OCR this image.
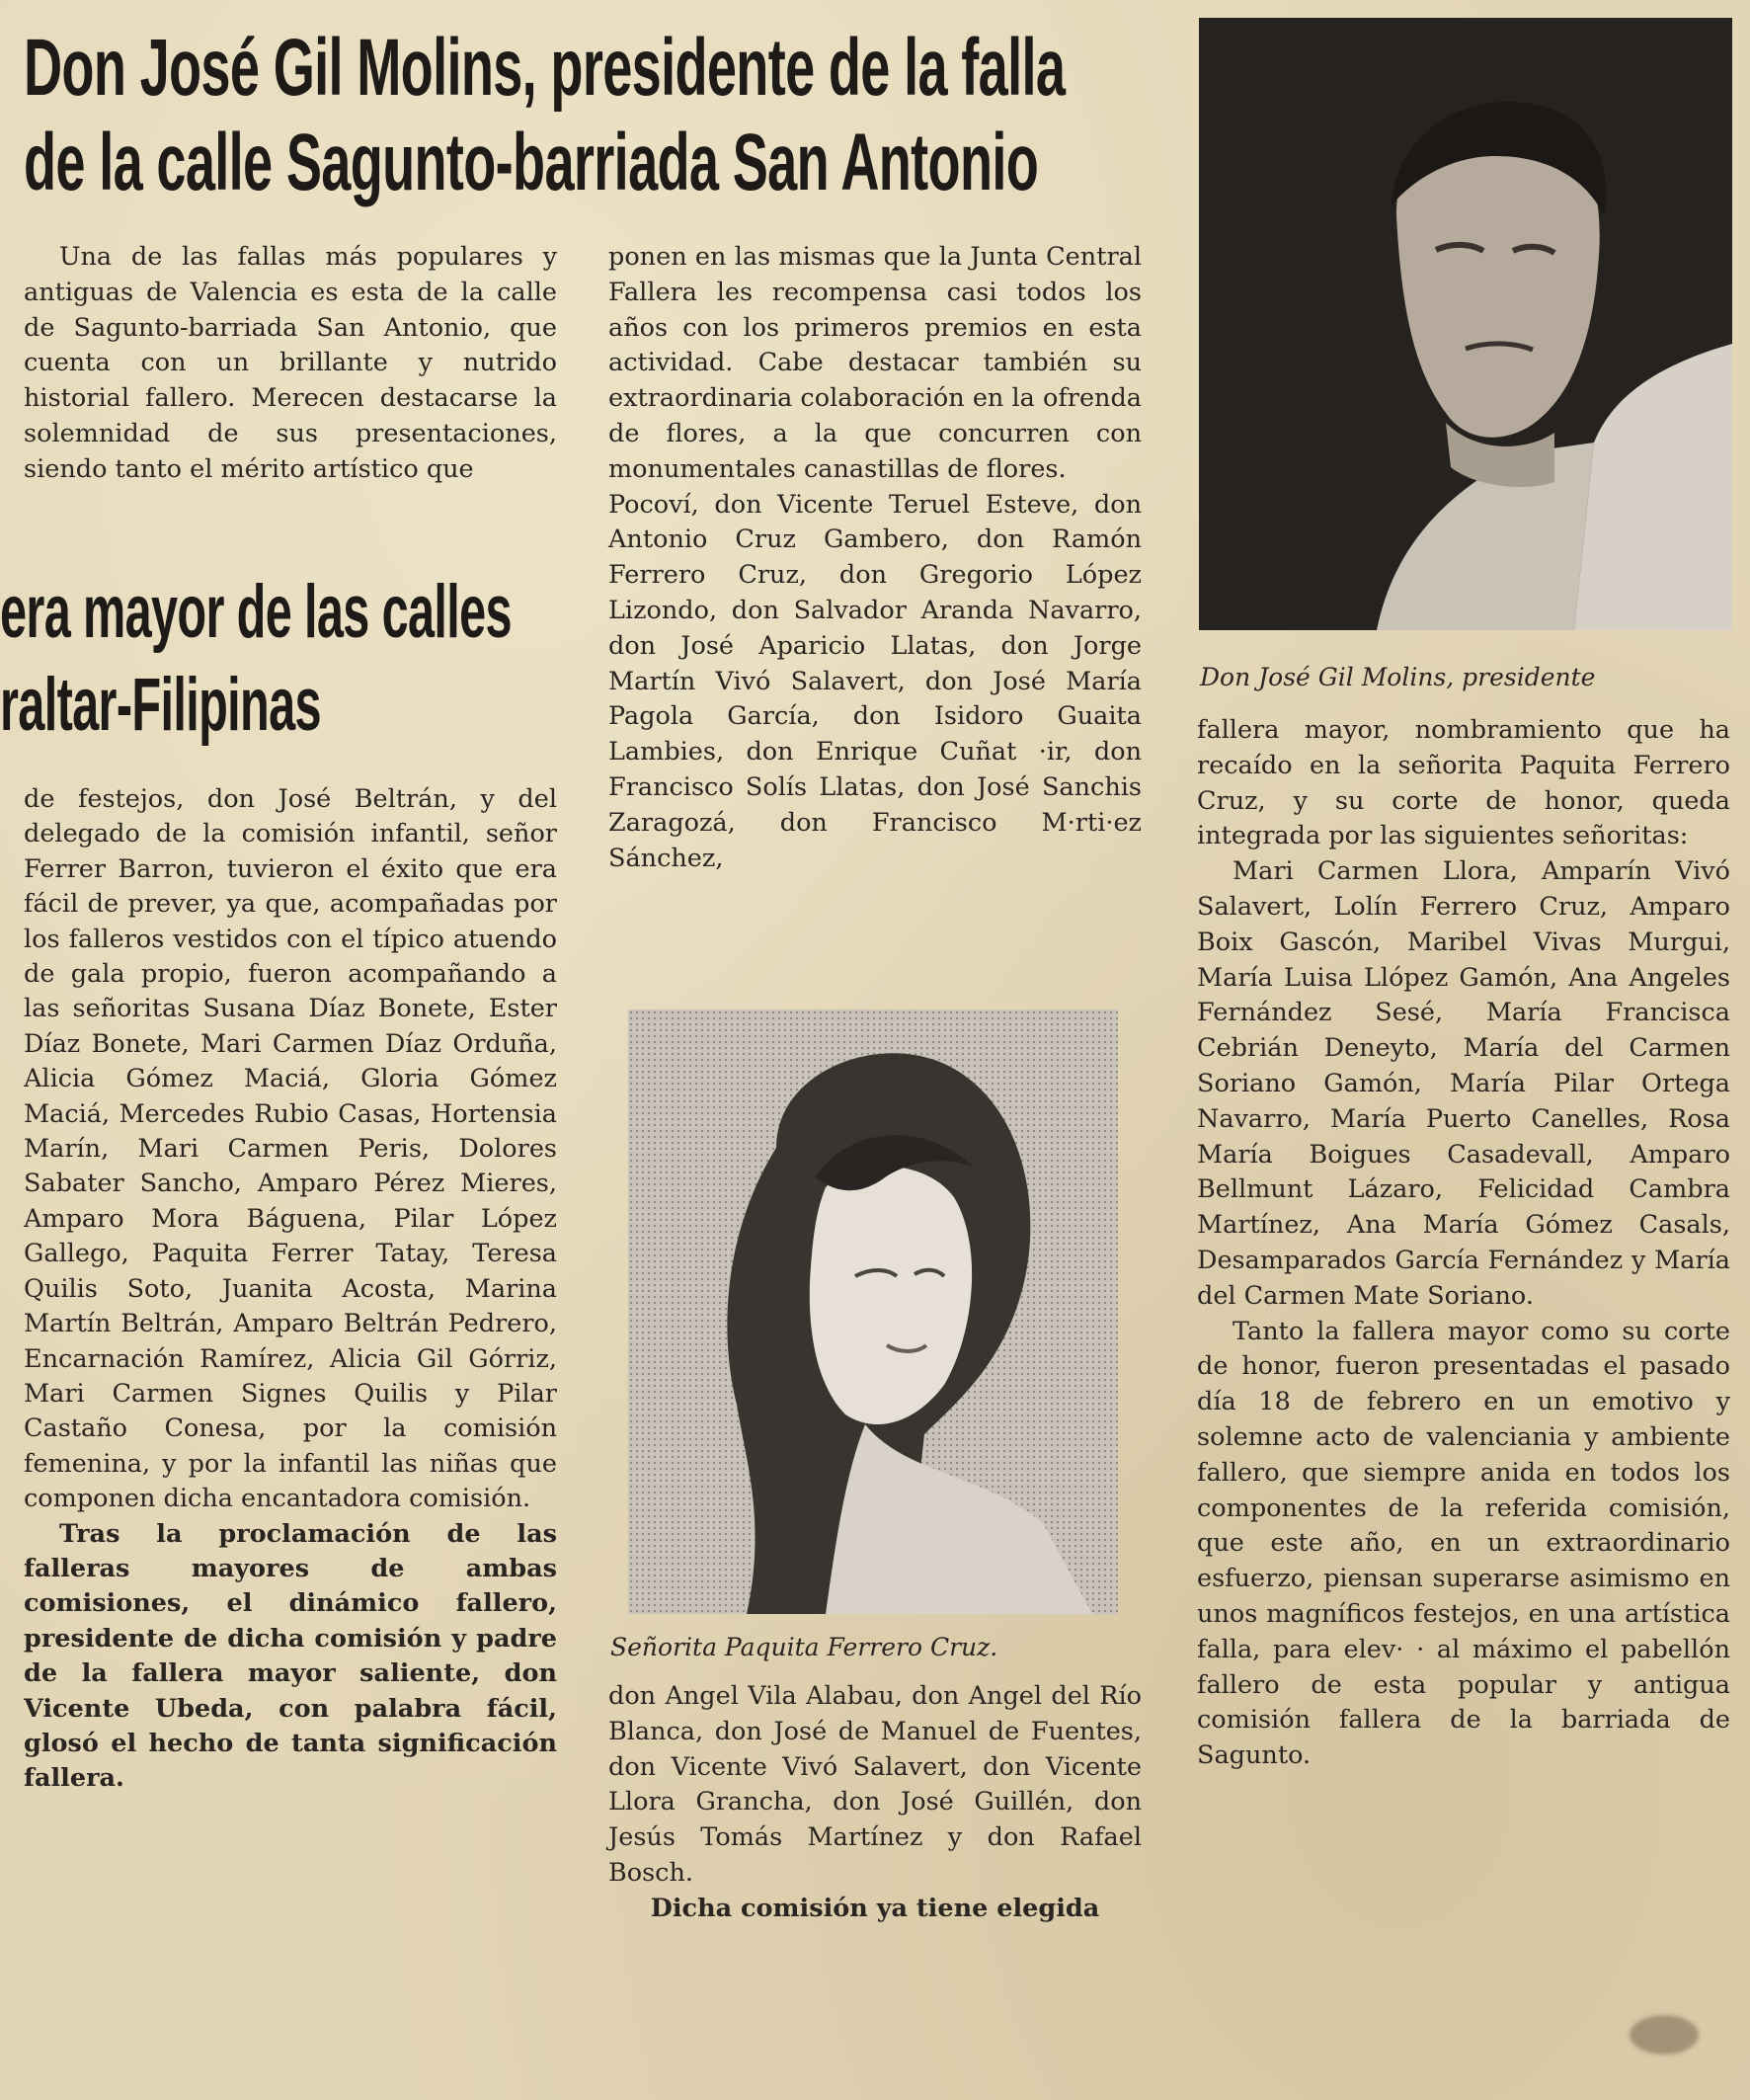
Don José Gil Molins, presidente de la falla
de la calle Sagunto-barriada San Antonio

Una de las fallas más populares y antiguas de Valencia es esta de la calle de Sagunto-barriada San Antonio, que cuenta con un brillante y nutrido historial fallero. Merecen destacarse la solemnidad de sus presentaciones, siendo tanto el mérito artístico que

era mayor de las calles
raltar-Filipinas

de festejos, don José Beltrán, y del delegado de la comisión infantil, señor Ferrer Barron, tuvieron el éxito que era fácil de prever, ya que, acompañadas por los falleros vestidos con el típico atuendo de gala propio, fueron acompañando a las señoritas Susana Díaz Bonete, Ester Díaz Bonete, Mari Carmen Díaz Orduña, Alicia Gómez Maciá, Gloria Gómez Maciá, Mercedes Rubio Casas, Hortensia Marín, Mari Carmen Peris, Dolores Sabater Sancho, Amparo Pérez Mieres, Amparo Mora Báguena, Pilar López Gallego, Paquita Ferrer Tatay, Teresa Quilis Soto, Juanita Acosta, Marina Martín Beltrán, Amparo Beltrán Pedrero, Encarnación Ramírez, Alicia Gil Górriz, Mari Carmen Signes Quilis y Pilar Castaño Conesa, por la comisión femenina, y por la infantil las niñas que componen dicha encantadora comisión.

Tras la proclamación de las falleras mayores de ambas comisiones, el dinámico fallero, presidente de dicha comisión y padre de la fallera mayor saliente, don Vicente Ubeda, con palabra fácil, glosó el hecho de tanta significación fallera.

ponen en las mismas que la Junta Central Fallera les recompensa casi todos los años con los primeros premios en esta actividad. Cabe destacar también su extraordinaria colaboración en la ofrenda de flores, a la que concurren con monumentales canastillas de flores.

Pocoví, don Vicente Teruel Esteve, don Antonio Cruz Gambero, don Ramón Ferrero Cruz, don Gregorio López Lizondo, don Salvador Aranda Navarro, don José Aparicio Llatas, don Jorge Martín Vivó Salavert, don José María Pagola García, don Isidoro Guaita Lambies, don Enrique Cuñat ·ir, don Francisco Solís Llatas, don José Sanchis Zaragozá, don Francisco M·rti·ez Sánchez,

Señorita Paquita Ferrero Cruz.

don Angel Vila Alabau, don Angel del Río Blanca, don José de Manuel de Fuentes, don Vicente Vivó Salavert, don Vicente Llora Grancha, don José Guillén, don Jesús Tomás Martínez y don Rafael Bosch.

Dicha comisión ya tiene elegida

Don José Gil Molins, presidente

fallera mayor, nombramiento que ha recaído en la señorita Paquita Ferrero Cruz, y su corte de honor, queda integrada por las siguientes señoritas:

Mari Carmen Llora, Amparín Vivó Salavert, Lolín Ferrero Cruz, Amparo Boix Gascón, Maribel Vivas Murgui, María Luisa Llópez Gamón, Ana Angeles Fernández Sesé, María Francisca Cebrián Deneyto, María del Carmen Soriano Gamón, María Pilar Ortega Navarro, María Puerto Canelles, Rosa María Boigues Casadevall, Amparo Bellmunt Lázaro, Felicidad Cambra Martínez, Ana María Gómez Casals, Desamparados García Fernández y María del Carmen Mate Soriano.

Tanto la fallera mayor como su corte de honor, fueron presentadas el pasado día 18 de febrero en un emotivo y solemne acto de valenciania y ambiente fallero, que siempre anida en todos los componentes de la referida comisión, que este año, en un extraordinario esfuerzo, piensan superarse asimismo en unos magníficos festejos, en una artística falla, para elev· · al máximo el pabellón fallero de esta popular y antigua comisión fallera de la barriada de Sagunto.
